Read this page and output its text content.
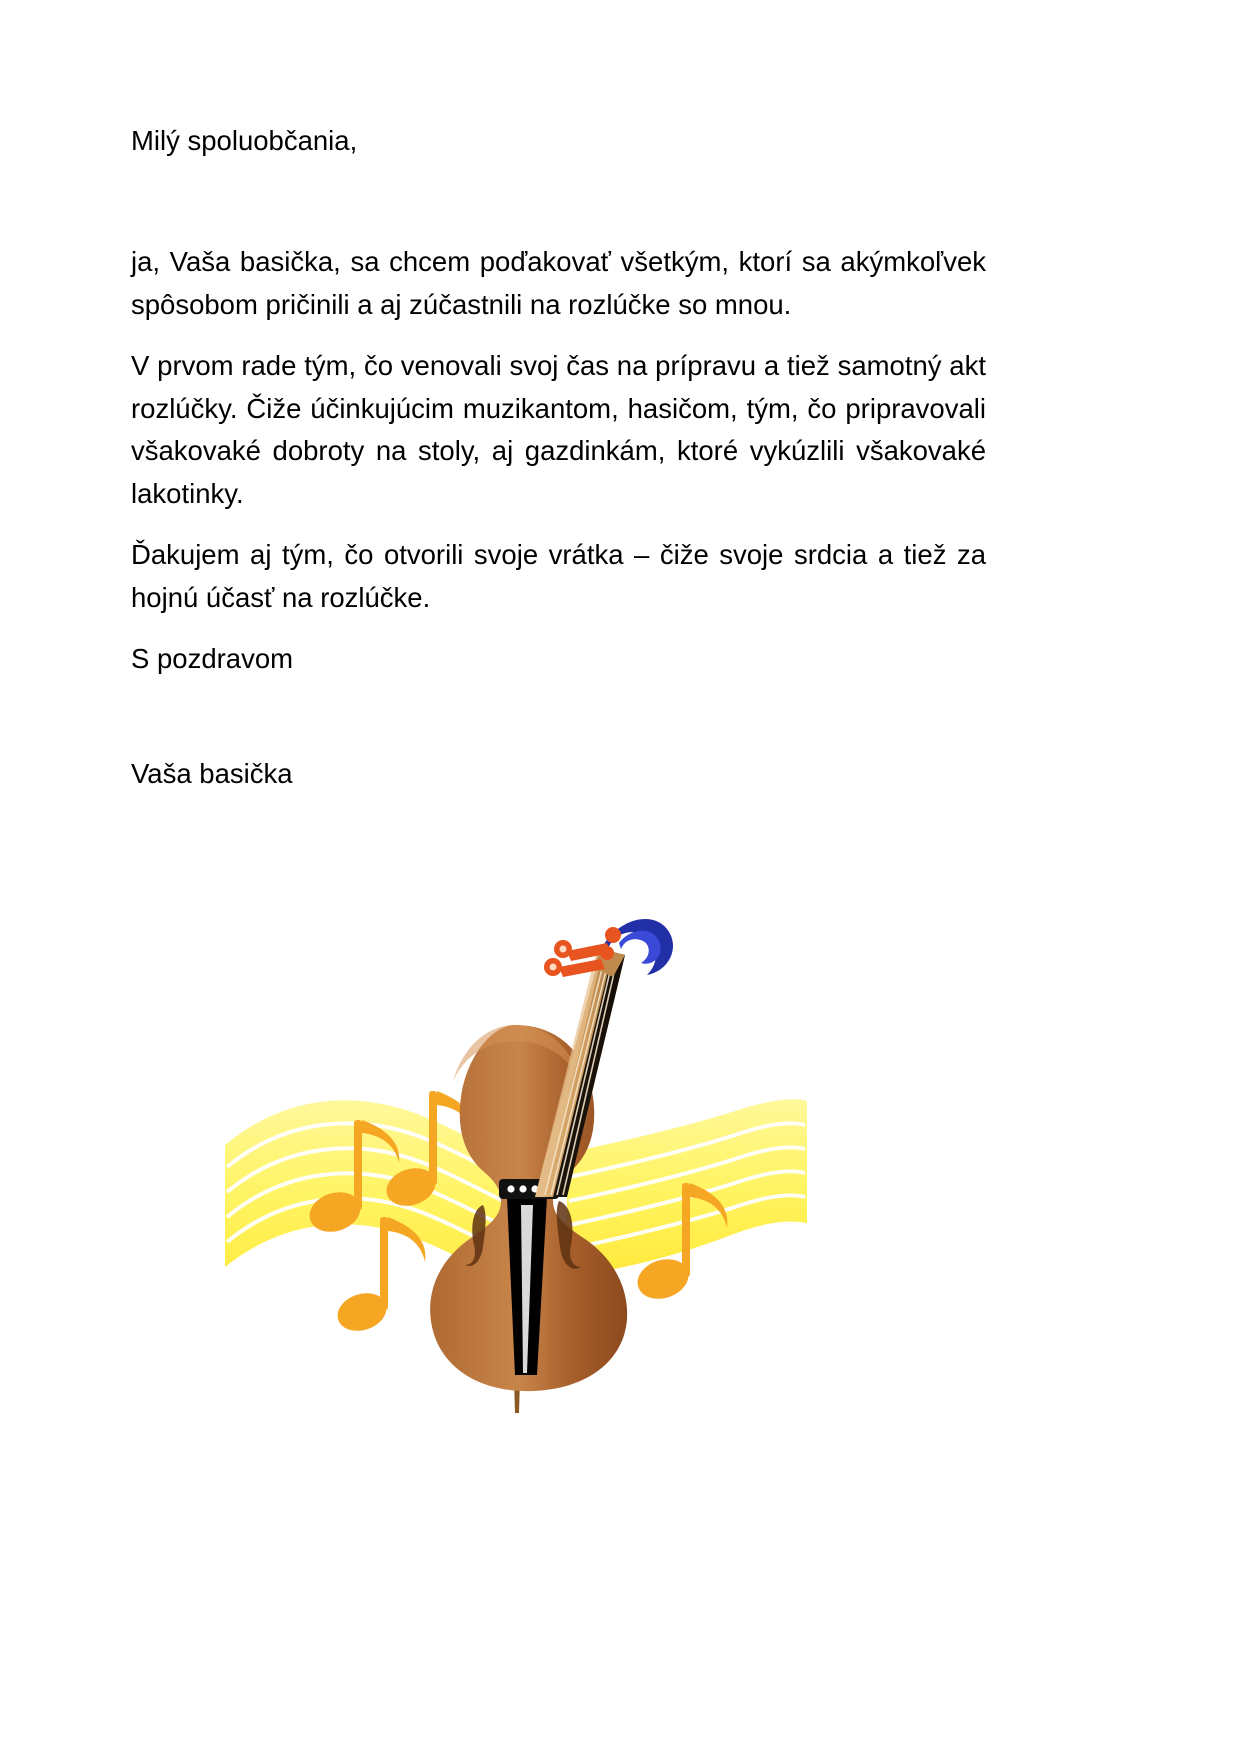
Milý spoluobčania,

ja, Vaša basička, sa chcem poďakovať všetkým, ktorí sa akýmkoľvek spôsobom pričinili a aj zúčastnili na rozlúčke so mnou.

V prvom rade tým, čo venovali svoj čas na prípravu a tiež samotný akt rozlúčky. Čiže účinkujúcim muzikantom, hasičom, tým, čo pripravovali všakovaké dobroty na stoly, aj gazdinkám, ktoré vykúzlili všakovaké lakotinky.

Ďakujem aj tým, čo otvorili svoje vrátka – čiže svoje srdcia a tiež za hojnú účasť na rozlúčke.

S pozdravom

Vaša basička
